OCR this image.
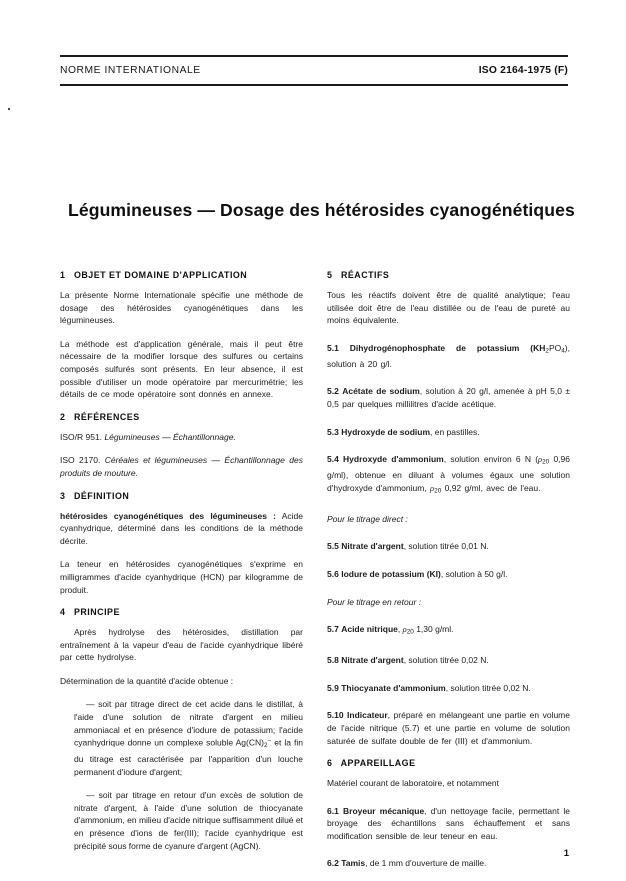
NORME INTERNATIONALE	ISO 2164-1975 (F)
Légumineuses — Dosage des hétérosides cyanogénétiques
1 OBJET ET DOMAINE D'APPLICATION

La présente Norme Internationale spécifie une méthode de dosage des hétérosides cyanogénétiques dans les légumineuses.

La méthode est d'application générale, mais il peut être nécessaire de la modifier lorsque des sulfures ou certains composés sulfurés sont présents. En leur absence, il est possible d'utiliser un mode opératoire par mercurimétrie; les détails de ce mode opératoire sont donnés en annexe.

2 RÉFÉRENCES

ISO/R 951. Légumineuses — Échantillonnage.

ISO 2170. Céréales et légumineuses — Échantillonnage des produits de mouture.

3 DÉFINITION

hétérosides cyanogénétiques des légumineuses : Acide cyanhydrique, déterminé dans les conditions de la méthode décrite.

La teneur en hétérosides cyanogénétiques s'exprime en milligrammes d'acide cyanhydrique (HCN) par kilogramme de produit.

4 PRINCIPE

Après hydrolyse des hétérosides, distillation par entraînement à la vapeur d'eau de l'acide cyanhydrique libéré par cette hydrolyse.

Détermination de la quantité d'acide obtenue :

— soit par titrage direct de cet acide dans le distillat, à l'aide d'une solution de nitrate d'argent en milieu ammoniacal et en présence d'iodure de potassium; l'acide cyanhydrique donne un complexe soluble $Ag(CN)_2^-$ et la fin du titrage est caractérisée par l'apparition d'un louche permanent d'iodure d'argent;

— soit par titrage en retour d'un excès de solution de nitrate d'argent, à l'aide d'une solution de thiocyanate d'ammonium, en milieu d'acide nitrique suffisamment dilué et en présence d'ions de fer(III); l'acide cyanhydrique est précipité sous forme de cyanure d'argent (AgCN).

5 RÉACTIFS

Tous les réactifs doivent être de qualité analytique; l'eau utilisée doit être de l'eau distillée ou de l'eau de pureté au moins équivalente.

5.1 Dihydrogénophosphate de potassium $(KH_2PO_4)$, solution à 20 g/l.

5.2 Acétate de sodium, solution à 20 g/l, amenée à pH 5,0 ± 0,5 par quelques millilitres d'acide acétique.

5.3 Hydroxyde de sodium, en pastilles.

5.4 Hydroxyde d'ammonium, solution environ 6 N ($\rho_{20}$ 0,96 g/ml), obtenue en diluant à volumes égaux une solution d'hydroxyde d'ammonium, $\rho_{20}$ 0,92 g/ml, avec de l'eau.

Pour le titrage direct :

5.5 Nitrate d'argent, solution titrée 0,01 N.

5.6 Iodure de potassium (KI), solution à 50 g/l.

Pour le titrage en retour :

5.7 Acide nitrique, $\rho_{20}$ 1,30 g/ml.

5.8 Nitrate d'argent, solution titrée 0,02 N.

5.9 Thiocyanate d'ammonium, solution titrée 0,02 N.

5.10 Indicateur, préparé en mélangeant une partie en volume de l'acide nitrique (5.7) et une partie en volume de solution saturée de sulfate double de fer (III) et d'ammonium.

6 APPAREILLAGE

Matériel courant de laboratoire, et notamment

6.1 Broyeur mécanique, d'un nettoyage facile, permettant le broyage des échantillons sans échauffement et sans modification sensible de leur teneur en eau.

6.2 Tamis, de 1 mm d'ouverture de maille.

1
